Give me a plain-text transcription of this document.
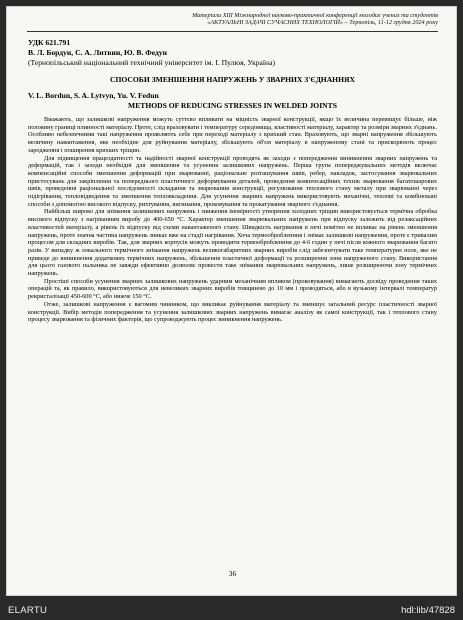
Матеріали XIII Міжнародної науково-практичної конференції молодих учених та студентів
«АКТУАЛЬНІ ЗАДАЧІ СУЧАСНИХ ТЕХНОЛОГІЙ» – Тернопіль, 11-12 грудня 2024 року
УДК 621.791
В. Л. Бордун, С. А. Литвин, Ю. В. Федун
(Тернопільський національний технічний університет ім. І. Пулюя, Україна)
СПОСОБИ ЗМЕНШЕННЯ НАПРУЖЕНЬ У ЗВАРНИХ З'ЄДНАННЯХ
V. L. Bordun, S. A. Lytvyn, Yu. V. Fedun
METHODS OF REDUCING STRESSES IN WELDED JOINTS

Вважають, що залишкові напруження можуть суттєво впливати на міцність зварної конструкції, якщо їх величина перевищує більше, ніж половину границі плинності матеріалу. Проте, слід враховувати і температуру середовища, властивості матеріалу, характер та розміри зварних з'єднань. Особливо небезпечними такі напруження проявляють себе при переході матеріалу з крихкий стан. Враховують, що зварні напруження збільшують величину навантаження, яке необхідне для руйнування матеріалу, збільшують об'єм матеріалу в напруженому стані та прискорюють процес зародження і поширення крихких тріщин.

Для підвищення працездатності та надійності зварної конструкції проводять як заходи з попередження виникнення зварних напружень та деформацій, так і заходи необхідні для зменшення та усунення залишкових напружень. Перша група попереджувальних методів включає компенсаційні способи зменшення деформацій при зварюванні, раціональне розташування швів, ребер, накладок, застосування зварювальних пристосувань для закріплення та попереднього пластичного деформування деталей, проведення компенсаційних технік зварювання багатошарових швів, проведення раціональної послідовності складання та зварювання конструкції, регулювання теплового стану металу при зварюванні через підігрівання, тепловідведення та зменшення тепловкладення. Для усунення зварних напружень використовують механічні, теплові та комбіновані способи з допомогою високого відпуску, рихтування, вигинання, проковування та прокатування зварного з'єднання.

Найбільш широко для знімання залишкових напружень і зниження імовірності утворення холодних тріщин використовується термічна обробка високого відпуску з нагріванням виробу до 400-650 °С. Характер зменшення зварювальних напружень при відпуску залежить від релаксаційних властивостей матеріалу, а рівень їх відпуску від схеми навантаженого стану. Швидкість нагрівання в печі помітно не впливає на рівень зменшення напружень, проте значна частина напружень зникає вже на стадії нагрівання. Хоча термообробленння і знімає залишкові напруження, проте є тривалим процесом для складних виробів. Так, для зварних корпусів можуть проводити термообробленння до 4-6 годин у печі після кожного зварювання багато разів. У випадку ж локального термічного знімання напружень великогабаритних зварних виробів слід забезпечувати таке температурне поле, яке не приведе до виникнення додаткових термічних напружень, збільшення пластичної деформації та розширення зони напруженого стану. Використання для цього газового пальника не завжди ефективно дозволяє провести таке знімання зварювальних напружень, лише розширюючи зону термічних напружень.

Простіші способи усунення зварних залишкових напружень ударним механічним впливом (проковування) вимагають досвіду проведення таких операцій та, як правило, використовуються для невеликих зварних виробів товщиною до 10 мм і проводяться, або в вузькому інтервалі температур рекристалізації 450-600 °С, або нижче 150 °С.

Отже, залишкові напруження є вагомим чинником, що викликає руйнування матеріалу та зменшує загальний ресурс пластичності зварної конструкції. Вибір методів попередження та усунення залишкових зварних напружень вимагає аналізу як самої конструкції, так і теплового стану процесу зварювання та фізичних факторів, що супроводжують процес виникнення напружень.

36
ELARTU	hdl:lib/47828
